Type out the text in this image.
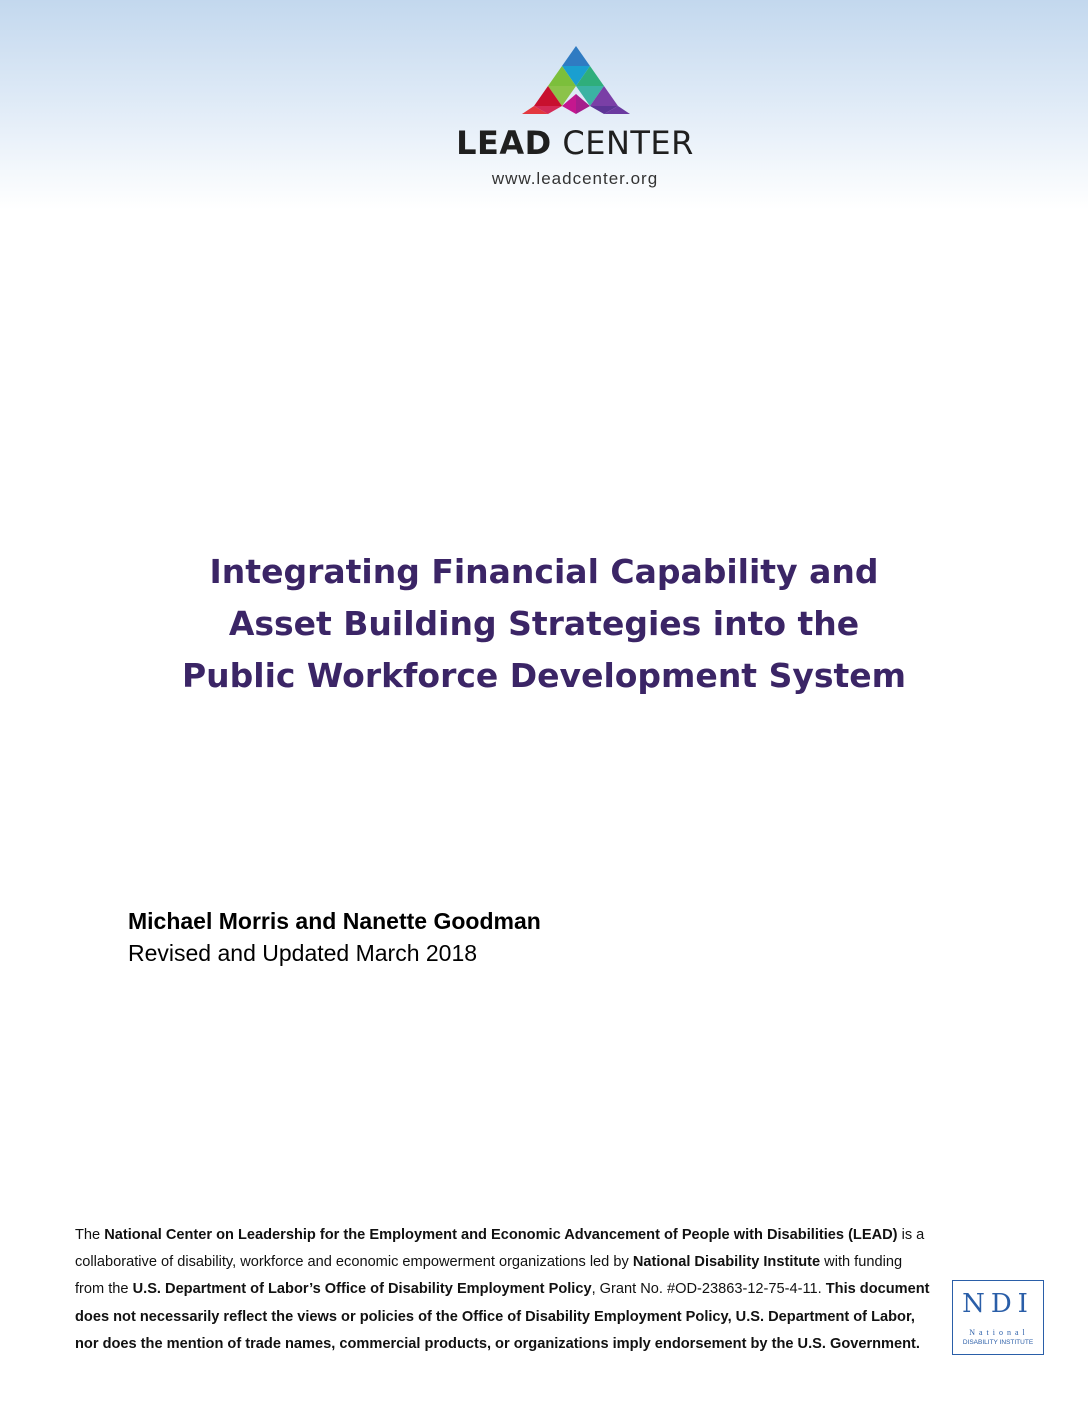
LEAD CENTER
www.leadcenter.org
Integrating Financial Capability and
Asset Building Strategies into the
Public Workforce Development System
Michael Morris and Nanette Goodman
Revised and Updated March 2018
The National Center on Leadership for the Employment and Economic Advancement of People with Disabilities (LEAD) is a collaborative of disability, workforce and economic empowerment organizations led by National Disability Institute with funding from the U.S. Department of Labor’s Office of Disability Employment Policy, Grant No. #OD-23863-12-75-4-11. This document does not necessarily reflect the views or policies of the Office of Disability Employment Policy, U.S. Department of Labor, nor does the mention of trade names, commercial products, or organizations imply endorsement by the U.S. Government.
NDI
National
DISABILITY INSTITUTE
